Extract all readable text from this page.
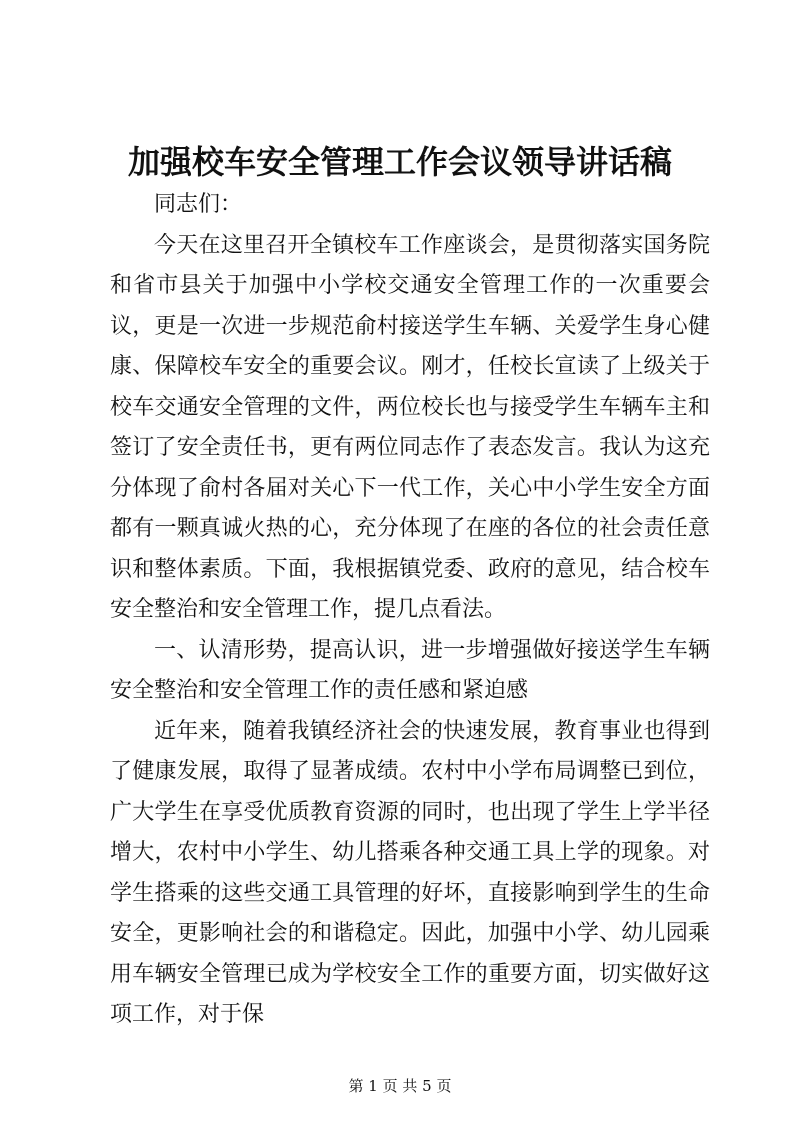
加强校车安全管理工作会议领导讲话稿

同志们：

今天在这里召开全镇校车工作座谈会，是贯彻落实国务院和省市县关于加强中小学校交通安全管理工作的一次重要会议，更是一次进一步规范俞村接送学生车辆、关爱学生身心健康、保障校车安全的重要会议。刚才，任校长宣读了上级关于校车交通安全管理的文件，两位校长也与接受学生车辆车主和签订了安全责任书，更有两位同志作了表态发言。我认为这充分体现了俞村各届对关心下一代工作，关心中小学生安全方面都有一颗真诚火热的心，充分体现了在座的各位的社会责任意识和整体素质。下面，我根据镇党委、政府的意见，结合校车安全整治和安全管理工作，提几点看法。

一、认清形势，提高认识，进一步增强做好接送学生车辆安全整治和安全管理工作的责任感和紧迫感

近年来，随着我镇经济社会的快速发展，教育事业也得到了健康发展，取得了显著成绩。农村中小学布局调整已到位，广大学生在享受优质教育资源的同时，也出现了学生上学半径增大，农村中小学生、幼儿搭乘各种交通工具上学的现象。对学生搭乘的这些交通工具管理的好坏，直接影响到学生的生命安全，更影响社会的和谐稳定。因此，加强中小学、幼儿园乘用车辆安全管理已成为学校安全工作的重要方面，切实做好这项工作，对于保

第 1 页 共 5 页
